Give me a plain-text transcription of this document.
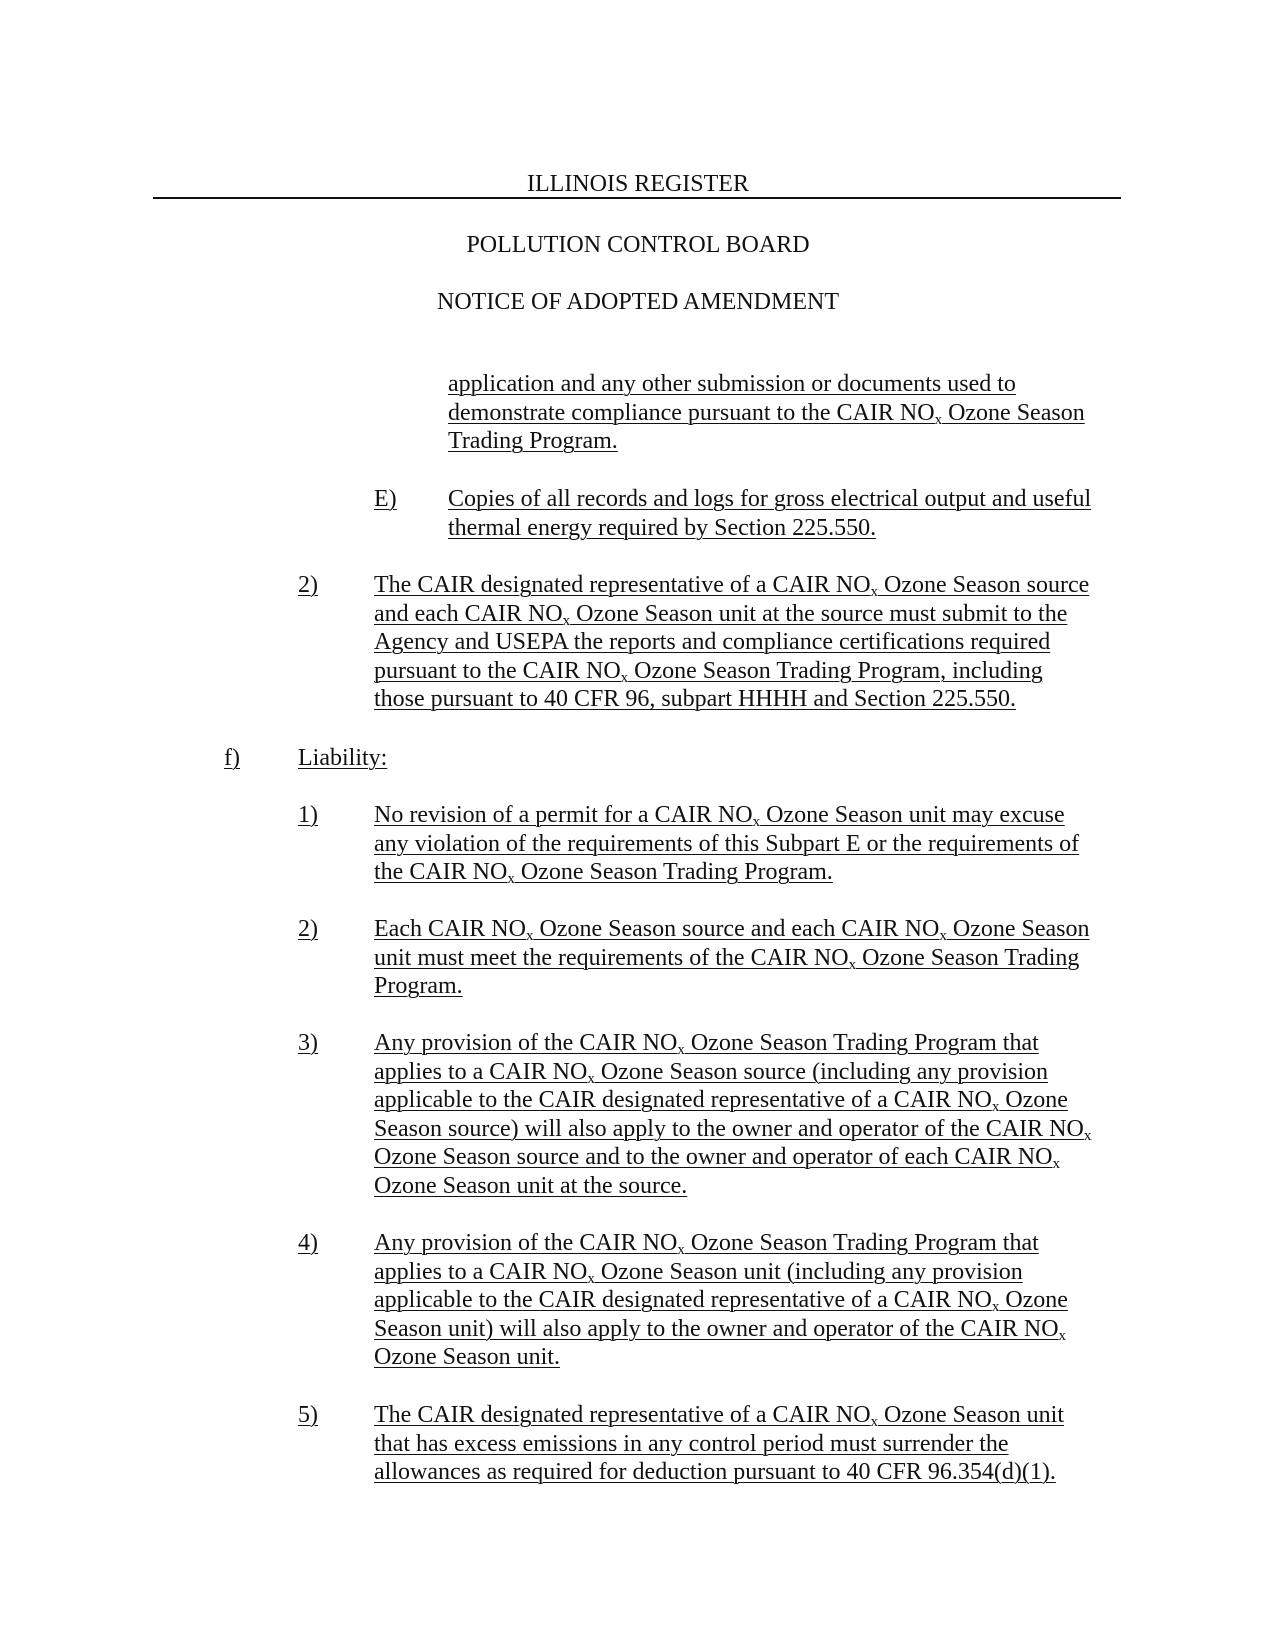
ILLINOIS REGISTER
POLLUTION CONTROL BOARD
NOTICE OF ADOPTED AMENDMENT
application and any other submission or documents used to
demonstrate compliance pursuant to the CAIR $NO_x$ Ozone Season
Trading Program.
E)	Copies of all records and logs for gross electrical output and useful
thermal energy required by Section 225.550.
2)	The CAIR designated representative of a CAIR $NO_x$ Ozone Season source
and each CAIR $NO_x$ Ozone Season unit at the source must submit to the
Agency and USEPA the reports and compliance certifications required
pursuant to the CAIR $NO_x$ Ozone Season Trading Program, including
those pursuant to 40 CFR 96, subpart HHHH and Section 225.550.
f)	Liability:
1)	No revision of a permit for a CAIR $NO_x$ Ozone Season unit may excuse
any violation of the requirements of this Subpart E or the requirements of
the CAIR $NO_x$ Ozone Season Trading Program.
2)	Each CAIR $NO_x$ Ozone Season source and each CAIR $NO_x$ Ozone Season
unit must meet the requirements of the CAIR $NO_x$ Ozone Season Trading
Program.
3)	Any provision of the CAIR $NO_x$ Ozone Season Trading Program that
applies to a CAIR $NO_x$ Ozone Season source (including any provision
applicable to the CAIR designated representative of a CAIR $NO_x$ Ozone
Season source) will also apply to the owner and operator of the CAIR $NO_x$
Ozone Season source and to the owner and operator of each CAIR $NO_x$
Ozone Season unit at the source.
4)	Any provision of the CAIR $NO_x$ Ozone Season Trading Program that
applies to a CAIR $NO_x$ Ozone Season unit (including any provision
applicable to the CAIR designated representative of a CAIR $NO_x$ Ozone
Season unit) will also apply to the owner and operator of the CAIR $NO_x$
Ozone Season unit.
5)	The CAIR designated representative of a CAIR $NO_x$ Ozone Season unit
that has excess emissions in any control period must surrender the
allowances as required for deduction pursuant to 40 CFR 96.354(d)(1).
